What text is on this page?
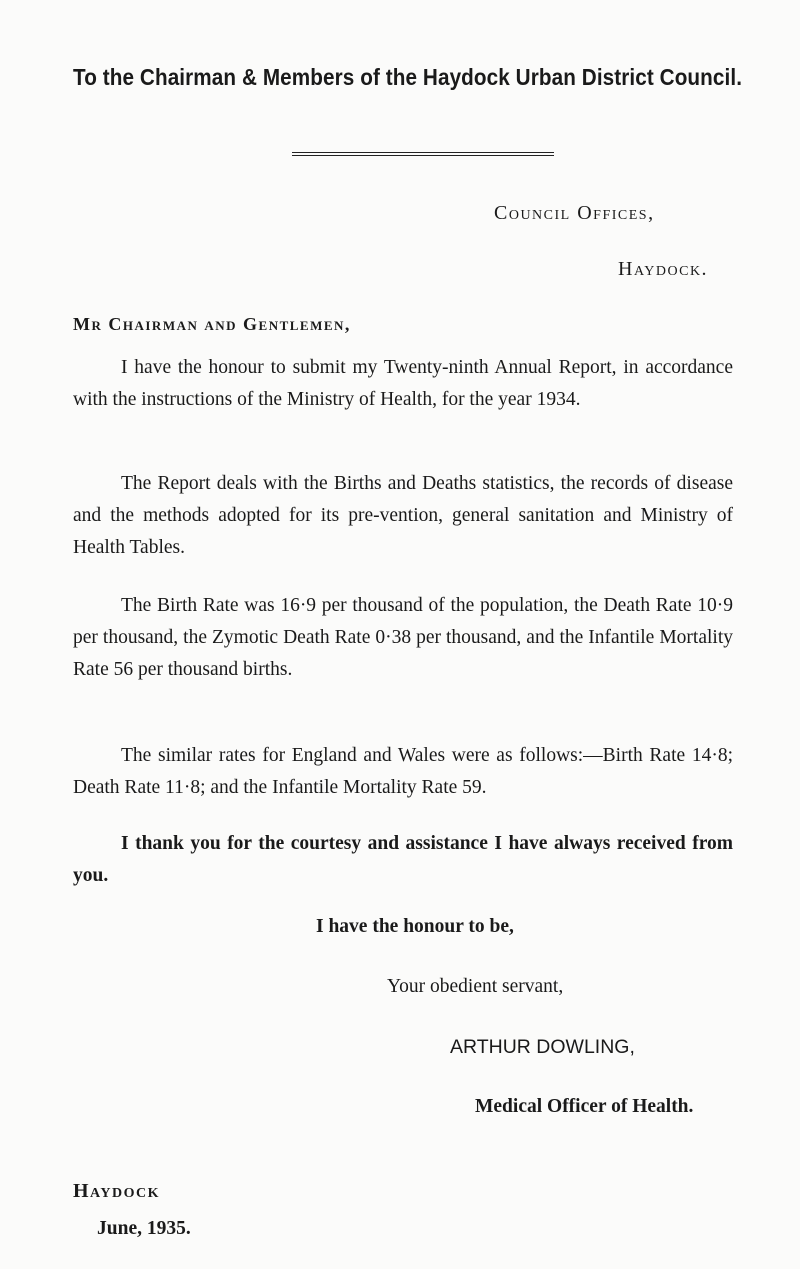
To the Chairman & Members of the Haydock Urban District Council.
Council Offices,
Haydock.
Mr Chairman and Gentlemen,
I have the honour to submit my Twenty-ninth Annual Report, in accordance with the instructions of the Ministry of Health, for the year 1934.
The Report deals with the Births and Deaths statistics, the records of disease and the methods adopted for its pre-vention, general sanitation and Ministry of Health Tables.
The Birth Rate was 16·9 per thousand of the population, the Death Rate 10·9 per thousand, the Zymotic Death Rate 0·38 per thousand, and the Infantile Mortality Rate 56 per thousand births.
The similar rates for England and Wales were as follows:—Birth Rate 14·8; Death Rate 11·8; and the Infantile Mortality Rate 59.
I thank you for the courtesy and assistance I have always received from you.
I have the honour to be,
Your obedient servant,
ARTHUR DOWLING,
Medical Officer of Health.
Haydock
June, 1935.
